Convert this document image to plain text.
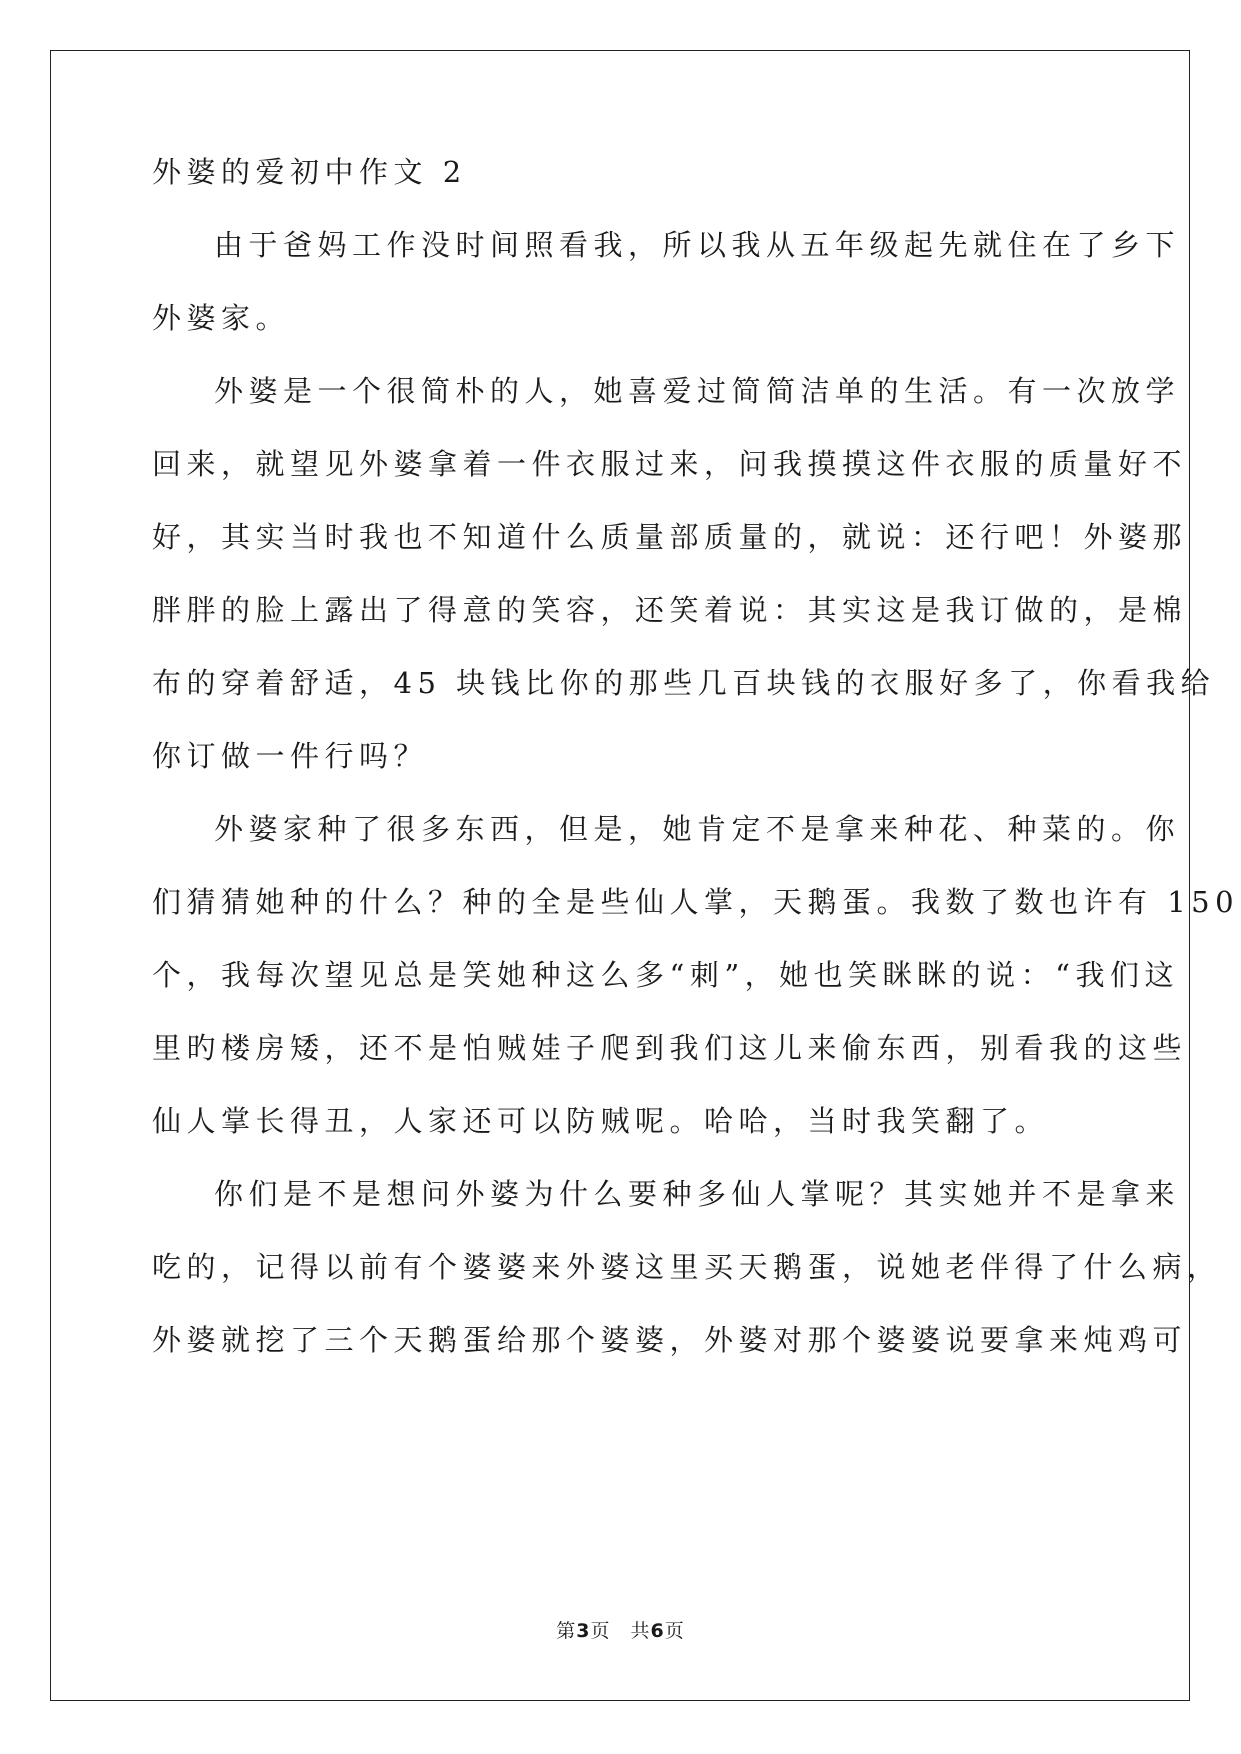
外婆的爱初中作文 2
由于爸妈工作没时间照看我，所以我从五年级起先就住在了乡下
外婆家。
外婆是一个很简朴的人，她喜爱过简简洁单的生活。有一次放学
回来，就望见外婆拿着一件衣服过来，问我摸摸这件衣服的质量好不
好，其实当时我也不知道什么质量部质量的，就说：还行吧！外婆那
胖胖的脸上露出了得意的笑容，还笑着说：其实这是我订做的，是棉
布的穿着舒适，45 块钱比你的那些几百块钱的衣服好多了，你看我给
你订做一件行吗？
外婆家种了很多东西，但是，她肯定不是拿来种花、种菜的。你
们猜猜她种的什么？种的全是些仙人掌，天鹅蛋。我数了数也许有 150
个，我每次望见总是笑她种这么多“刺”，她也笑眯眯的说：“我们这
里旳楼房矮，还不是怕贼娃子爬到我们这儿来偷东西，别看我的这些
仙人掌长得丑，人家还可以防贼呢。哈哈，当时我笑翻了。
你们是不是想问外婆为什么要种多仙人掌呢？其实她并不是拿来
吃的，记得以前有个婆婆来外婆这里买天鹅蛋，说她老伴得了什么病，
外婆就挖了三个天鹅蛋给那个婆婆，外婆对那个婆婆说要拿来炖鸡可
第3页　共6页
